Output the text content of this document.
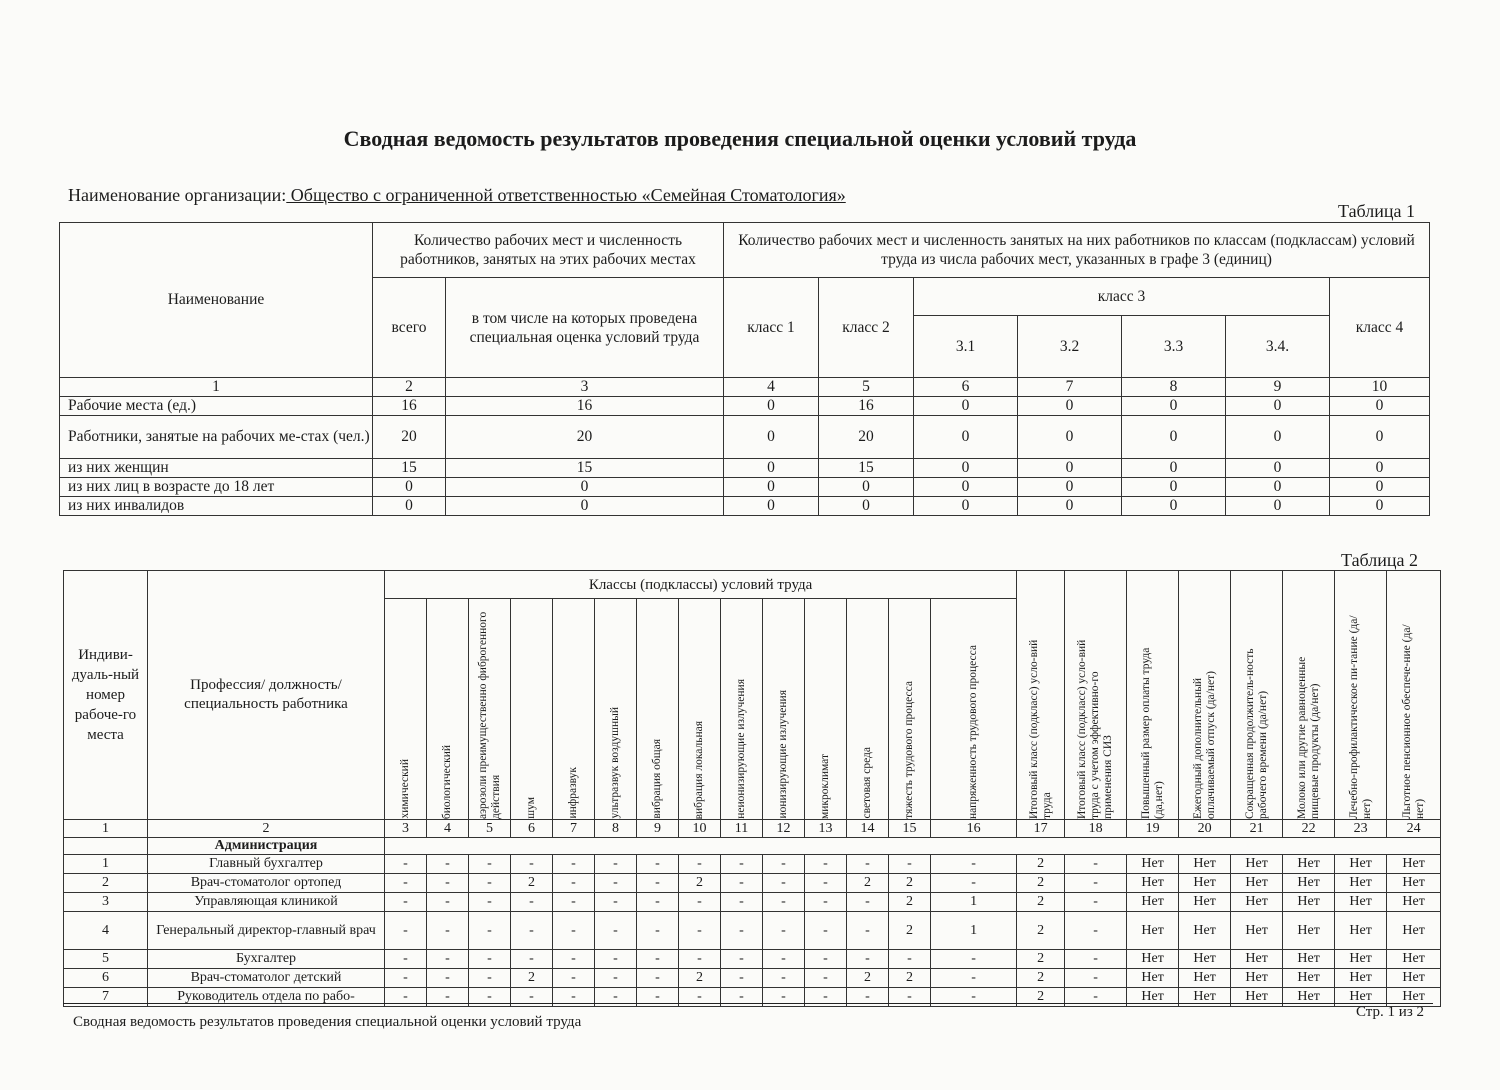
Сводная ведомость результатов проведения специальной оценки условий труда
Наименование организации: Общество с ограниченной ответственностью «Семейная Стоматология»
Таблица 1
Наименование	Количество рабочих мест и численность работников, занятых на этих рабочих местах		Количество рабочих мест и численность занятых на них работников по классам (подклассам) условий труда из числа рабочих мест, указанных в графе 3 (единиц)						
	всего	в том числе на которых проведена специальная оценка условий труда	класс 1	класс 2	класс 3				класс 4
					3.1	3.2	3.3	3.4.	
1	2	3	4	5	6	7	8	9	10
Рабочие места (ед.)	16	16	0	16	0	0	0	0	0
Работники, занятые на рабочих ме-стах (чел.)	20	20	0	20	0	0	0	0	0
из них женщин	15	15	0	15	0	0	0	0	0
из них лиц в возрасте до 18 лет	0	0	0	0	0	0	0	0	0
из них инвалидов	0	0	0	0	0	0	0	0	0
Таблица 2
Индиви-дуаль-ный номер рабоче-го места	Профессия/ должность/ специальность работника	Классы (подклассы) условий труда														Итоговый класс (подкласс) усло-вий труда	Итоговый класс (подкласс) усло-вий труда с учетом эффективно-го применения СИЗ	Повышенный размер оплаты труда (да,нет)	Ежегодный дополнительный оплачиваемый отпуск (да/нет)	Сокращенная продолжитель-ность рабочего времени (да/нет)	Молоко или другие равноценные пищевые продукты (да/нет)	Лечебно-профилактическое пи-тание (да/нет)	Льготное пенсионное обеспече-ние (да/нет)

		химический	биологический	аэрозоли преимущественно фиброгенного действия	шум	инфразвук	ультразвук воздушный	вибрация общая	вибрация локальная	неионизирующие излучения	ионизирующие излучения	микроклимат	световая среда	тяжесть трудового процесса	напряженность трудового процесса								

1	2	3	4	5	6	7	8	9	10	11	12	13	14	15	16	17	18	19	20	21	22	23	24
	Администрация																						
1	Главный бухгалтер	-	-	-	-	-	-	-	-	-	-	-	-	-	-	2	-	Нет	Нет	Нет	Нет	Нет	Нет
2	Врач-стоматолог ортопед	-	-	-	2	-	-	-	2	-	-	-	2	2	-	2	-	Нет	Нет	Нет	Нет	Нет	Нет
3	Управляющая клиникой	-	-	-	-	-	-	-	-	-	-	-	-	2	1	2	-	Нет	Нет	Нет	Нет	Нет	Нет
4	Генеральный директор-главный врач	-	-	-	-	-	-	-	-	-	-	-	-	2	1	2	-	Нет	Нет	Нет	Нет	Нет	Нет
5	Бухгалтер	-	-	-	-	-	-	-	-	-	-	-	-	-	-	2	-	Нет	Нет	Нет	Нет	Нет	Нет
6	Врач-стоматолог детский	-	-	-	2	-	-	-	2	-	-	-	2	2	-	2	-	Нет	Нет	Нет	Нет	Нет	Нет
7	Руководитель отдела по рабо-	-	-	-	-	-	-	-	-	-	-	-	-	-	-	2	-	Нет	Нет	Нет	Нет	Нет	Нет
Сводная ведомость результатов проведения специальной оценки условий труда
Стр. 1 из 2
